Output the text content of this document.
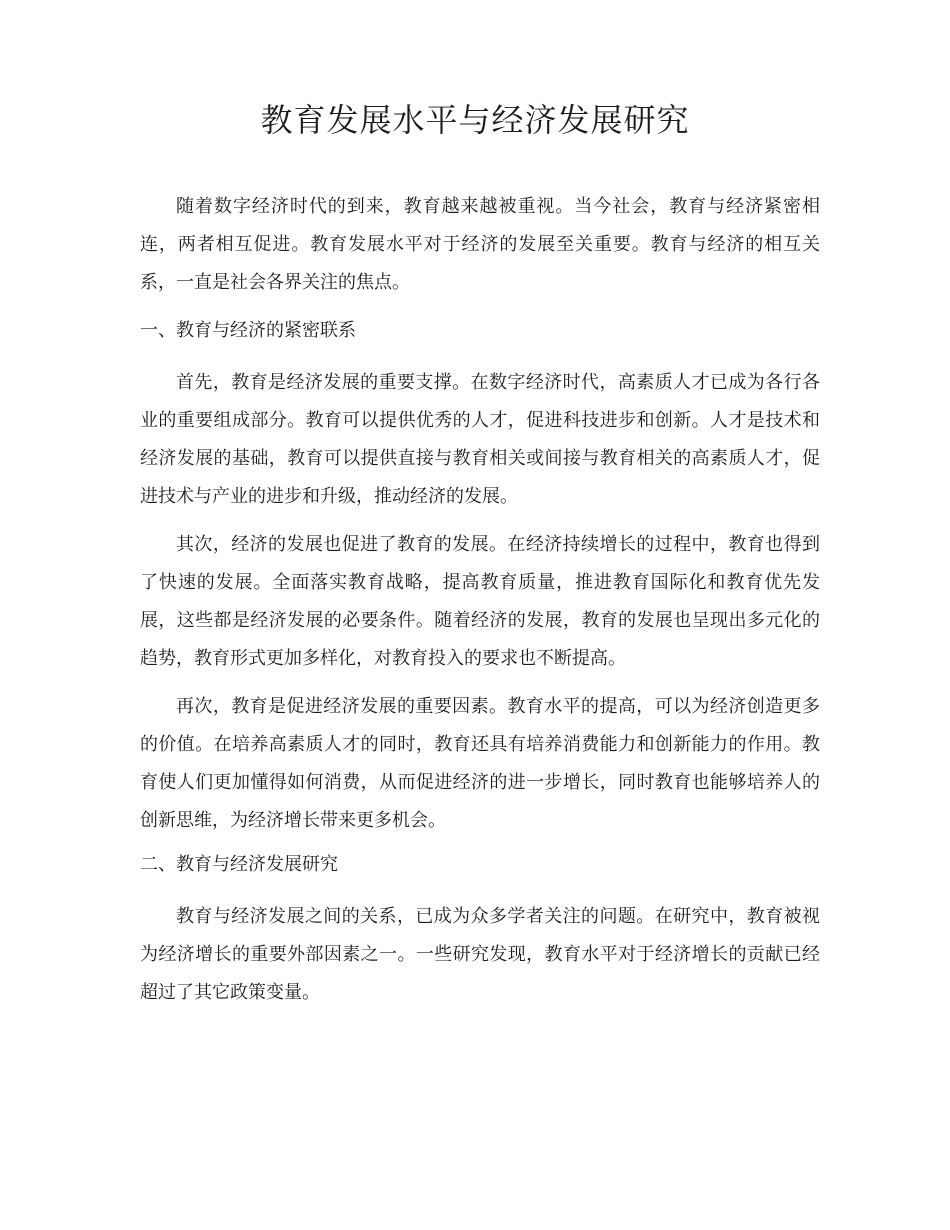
教育发展水平与经济发展研究

随着数字经济时代的到来，教育越来越被重视。当今社会，教育与经济紧密相连，两者相互促进。教育发展水平对于经济的发展至关重要。教育与经济的相互关系，一直是社会各界关注的焦点。

一、教育与经济的紧密联系

首先，教育是经济发展的重要支撑。在数字经济时代，高素质人才已成为各行各业的重要组成部分。教育可以提供优秀的人才，促进科技进步和创新。人才是技术和经济发展的基础，教育可以提供直接与教育相关或间接与教育相关的高素质人才，促进技术与产业的进步和升级，推动经济的发展。

其次，经济的发展也促进了教育的发展。在经济持续增长的过程中，教育也得到了快速的发展。全面落实教育战略，提高教育质量，推进教育国际化和教育优先发展，这些都是经济发展的必要条件。随着经济的发展，教育的发展也呈现出多元化的趋势，教育形式更加多样化，对教育投入的要求也不断提高。

再次，教育是促进经济发展的重要因素。教育水平的提高，可以为经济创造更多的价值。在培养高素质人才的同时，教育还具有培养消费能力和创新能力的作用。教育使人们更加懂得如何消费，从而促进经济的进一步增长，同时教育也能够培养人的创新思维，为经济增长带来更多机会。

二、教育与经济发展研究

教育与经济发展之间的关系，已成为众多学者关注的问题。在研究中，教育被视为经济增长的重要外部因素之一。一些研究发现，教育水平对于经济增长的贡献已经超过了其它政策变量。
